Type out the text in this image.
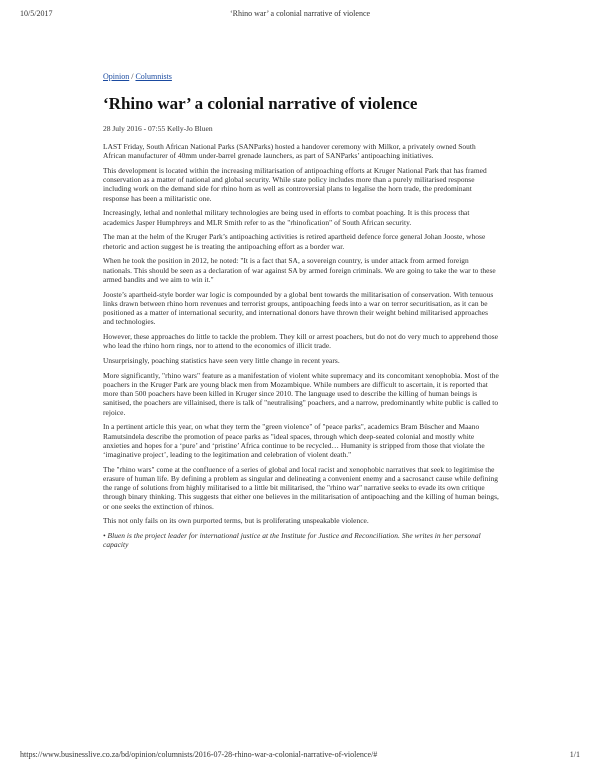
10/5/2017	‘Rhino war’ a colonial narrative of violence
Opinion / Columnists
‘Rhino war’ a colonial narrative of violence
28 July 2016 - 07:55 Kelly-Jo Bluen

LAST Friday, South African National Parks (SANParks) hosted a handover ceremony with Milkor, a privately owned South African manufacturer of 40mm under-barrel grenade launchers, as part of SANParks’ antipoaching initiatives.

This development is located within the increasing militarisation of antipoaching efforts at Kruger National Park that has framed conservation as a matter of national and global security. While state policy includes more than a purely militarised response including work on the demand side for rhino horn as well as controversial plans to legalise the horn trade, the predominant response has been a militaristic one.

Increasingly, lethal and nonlethal military technologies are being used in efforts to combat poaching. It is this process that academics Jasper Humphreys and MLR Smith refer to as the "rhinofication" of South African security.

The man at the helm of the Kruger Park’s antipoaching activities is retired apartheid defence force general Johan Jooste, whose rhetoric and action suggest he is treating the antipoaching effort as a border war.

When he took the position in 2012, he noted: "It is a fact that SA, a sovereign country, is under attack from armed foreign nationals. This should be seen as a declaration of war against SA by armed foreign criminals. We are going to take the war to these armed bandits and we aim to win it."

Jooste’s apartheid-style border war logic is compounded by a global bent towards the militarisation of conservation. With tenuous links drawn between rhino horn revenues and terrorist groups, antipoaching feeds into a war on terror securitisation, as it can be positioned as a matter of international security, and international donors have thrown their weight behind militarised approaches and technologies.

However, these approaches do little to tackle the problem. They kill or arrest poachers, but do not do very much to apprehend those who lead the rhino horn rings, nor to attend to the economics of illicit trade.

Unsurprisingly, poaching statistics have seen very little change in recent years.

More significantly, "rhino wars" feature as a manifestation of violent white supremacy and its concomitant xenophobia. Most of the poachers in the Kruger Park are young black men from Mozambique. While numbers are difficult to ascertain, it is reported that more than 500 poachers have been killed in Kruger since 2010. The language used to describe the killing of human beings is sanitised, the poachers are villainised, there is talk of "neutralising" poachers, and a narrow, predominantly white public is called to rejoice.

In a pertinent article this year, on what they term the "green violence" of "peace parks", academics Bram Büscher and Maano Ramutsindela describe the promotion of peace parks as "ideal spaces, through which deep-seated colonial and mostly white anxieties and hopes for a ‘pure’ and ‘pristine’ Africa continue to be recycled… Humanity is stripped from those that violate the ‘imaginative project’, leading to the legitimation and celebration of violent death."

The "rhino wars" come at the confluence of a series of global and local racist and xenophobic narratives that seek to legitimise the erasure of human life. By defining a problem as singular and delineating a convenient enemy and a sacrosanct cause while defining the range of solutions from highly militarised to a little bit militarised, the "rhino war" narrative seeks to evade its own critique through binary thinking. This suggests that either one believes in the militarisation of antipoaching and the killing of human beings, or one seeks the extinction of rhinos.

This not only fails on its own purported terms, but is proliferating unspeakable violence.

• Bluen is the project leader for international justice at the Institute for Justice and Reconciliation. She writes in her personal capacity

https://www.businesslive.co.za/bd/opinion/columnists/2016-07-28-rhino-war-a-colonial-narrative-of-violence/#	1/1
